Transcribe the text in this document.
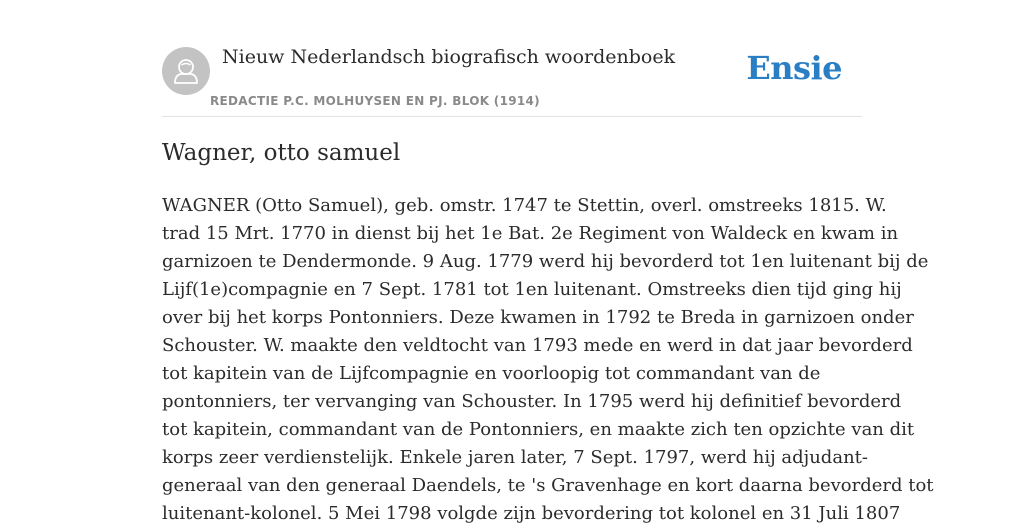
Nieuw Nederlandsch biografisch woordenboek
REDACTIE P.C. MOLHUYSEN EN PJ. BLOK (1914)
Ensie
Wagner, otto samuel
WAGNER (Otto Samuel), geb. omstr. 1747 te Stettin, overl. omstreeks 1815. W.
trad 15 Mrt. 1770 in dienst bij het 1e Bat. 2e Regiment von Waldeck en kwam in
garnizoen te Dendermonde. 9 Aug. 1779 werd hij bevorderd tot 1en luitenant bij de
Lijf(1e)compagnie en 7 Sept. 1781 tot 1en luitenant. Omstreeks dien tijd ging hij
over bij het korps Pontonniers. Deze kwamen in 1792 te Breda in garnizoen onder
Schouster. W. maakte den veldtocht van 1793 mede en werd in dat jaar bevorderd
tot kapitein van de Lijfcompagnie en voorloopig tot commandant van de
pontonniers, ter vervanging van Schouster. In 1795 werd hij definitief bevorderd
tot kapitein, commandant van de Pontonniers, en maakte zich ten opzichte van dit
korps zeer verdienstelijk. Enkele jaren later, 7 Sept. 1797, werd hij adjudant-
generaal van den generaal Daendels, te 's Gravenhage en kort daarna bevorderd tot
luitenant-kolonel. 5 Mei 1798 volgde zijn bevordering tot kolonel en 31 Juli 1807
